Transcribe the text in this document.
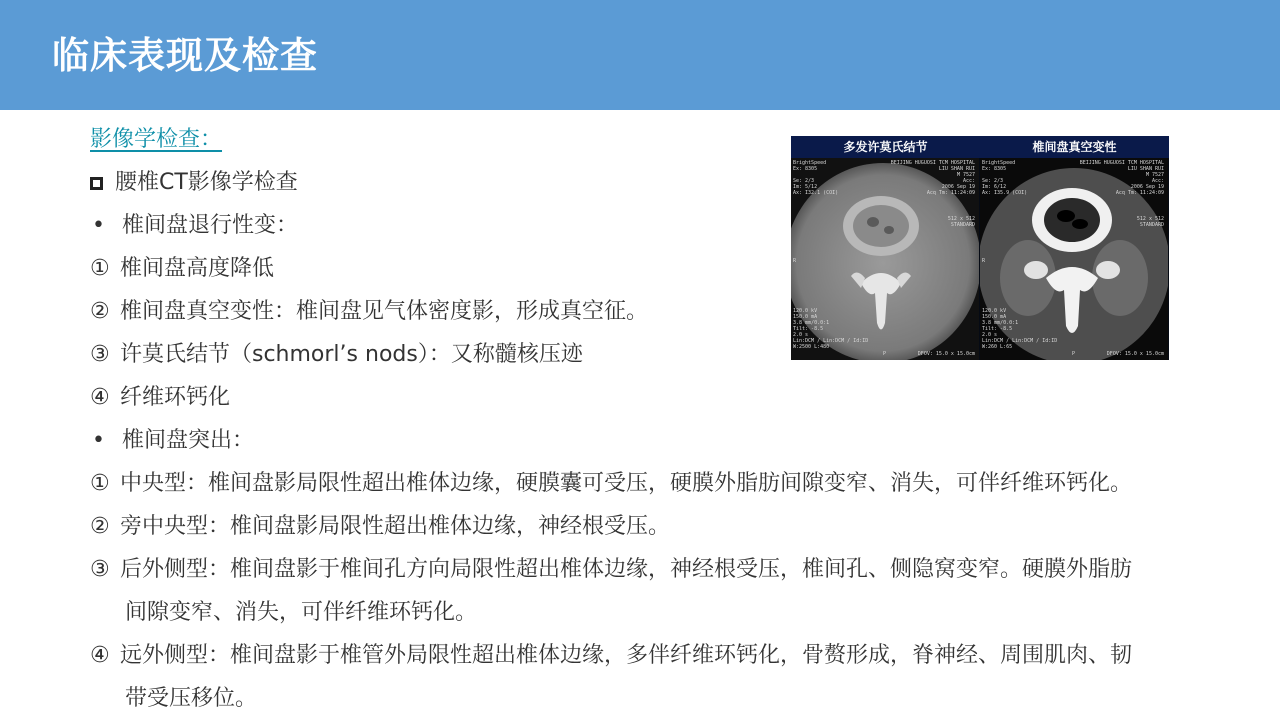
临床表现及检查
影像学检查：
腰椎CT影像学检查
• 椎间盘退行性变：
① 椎间盘高度降低
② 椎间盘真空变性：椎间盘见气体密度影，形成真空征。
③ 许莫氏结节（schmorl’s nods）：又称髓核压迹
④ 纤维环钙化
• 椎间盘突出：
① 中央型：椎间盘影局限性超出椎体边缘，硬膜囊可受压，硬膜外脂肪间隙变窄、消失，可伴纤维环钙化。
② 旁中央型：椎间盘影局限性超出椎体边缘，神经根受压。
③ 后外侧型：椎间盘影于椎间孔方向局限性超出椎体边缘，神经根受压，椎间孔、侧隐窝变窄。硬膜外脂肪
间隙变窄、消失，可伴纤维环钙化。
④ 远外侧型：椎间盘影于椎管外局限性超出椎体边缘，多伴纤维环钙化，骨赘形成，脊神经、周围肌肉、韧
带受压移位。
多发许莫氏结节	椎间盘真空变性
BrightSpeed
Ex: 8305

Se: 2/3
Im: 5/12
Ax: I32.1 (COI)
BEIJING HUGUOSI TCM HOSPITAL
LIU SHAN RUI
M 7527
Acc:
2006 Sep 19
Acq Tm: 11:24:09
512 x 512
STANDARD
R
120.0 kV
150.0 mA
3.8 mm/0.0:1
Tilt: -8.5
2.0 s
Lin:DCM / Lin:DCM / Id:ID
W:2500 L:480
P	DFOV: 15.0 x 15.0cm
BrightSpeed
Ex: 8305

Se: 2/3
Im: 6/12
Ax: I35.9 (COI)
BEIJING HUGUOSI TCM HOSPITAL
LIU SHAN RUI
M 7527
Acc:
2006 Sep 19
Acq Tm: 11:24:09
512 x 512
STANDARD
R
120.0 kV
150.0 mA
3.8 mm/0.0:1
Tilt: -8.5
2.0 s
Lin:DCM / Lin:DCM / Id:ID
W:260 L:65
P	DFOV: 15.0 x 15.0cm
